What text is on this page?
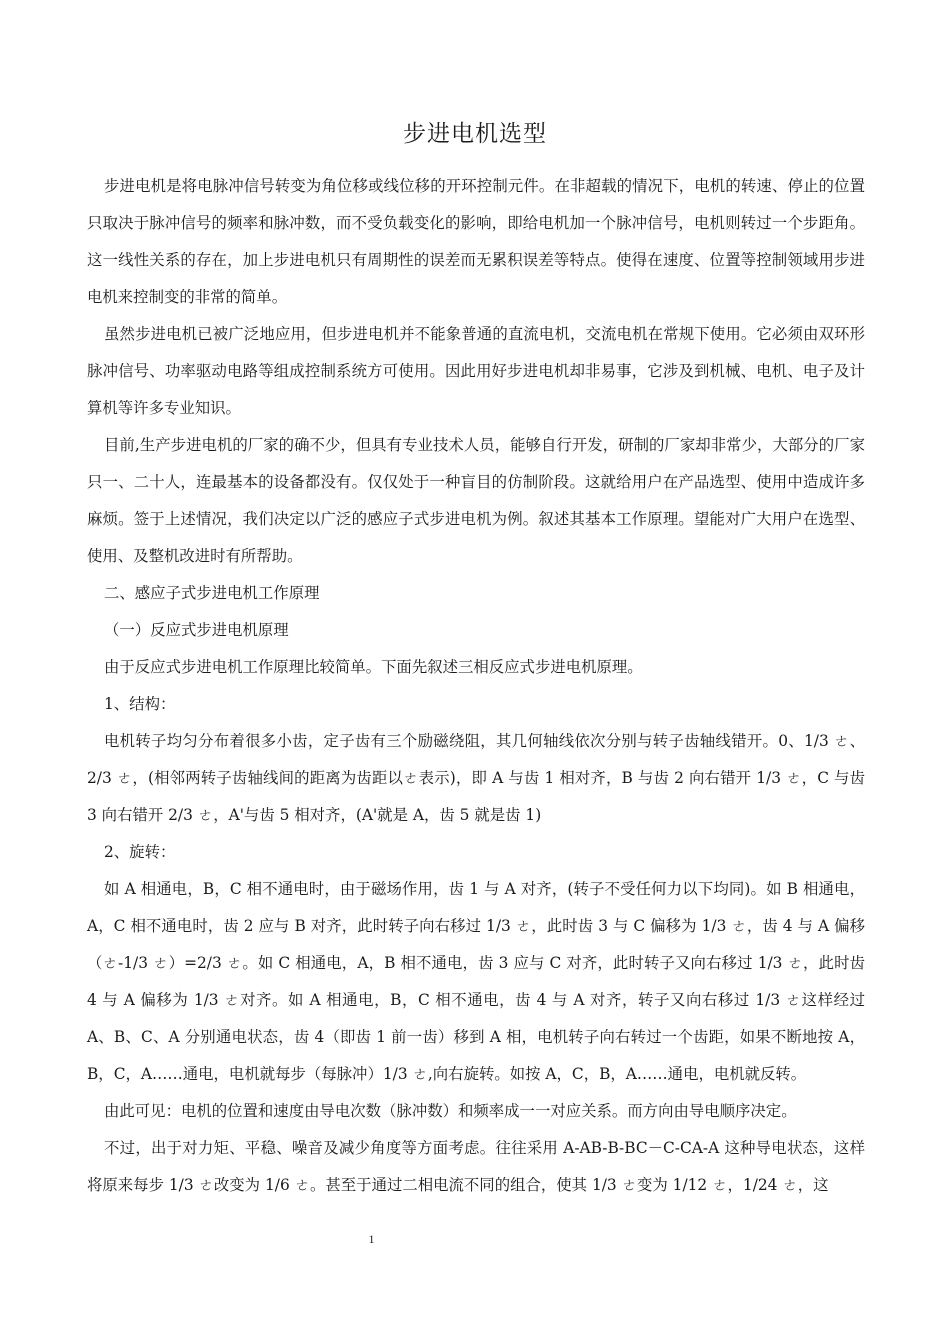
步进电机选型

步进电机是将电脉冲信号转变为角位移或线位移的开环控制元件。在非超载的情况下，电机的转速、停止的位置只取决于脉冲信号的频率和脉冲数，而不受负载变化的影响，即给电机加一个脉冲信号，电机则转过一个步距角。这一线性关系的存在，加上步进电机只有周期性的误差而无累积误差等特点。使得在速度、位置等控制领域用步进电机来控制变的非常的简单。

虽然步进电机已被广泛地应用，但步进电机并不能象普通的直流电机，交流电机在常规下使用。它必须由双环形脉冲信号、功率驱动电路等组成控制系统方可使用。因此用好步进电机却非易事，它涉及到机械、电机、电子及计算机等许多专业知识。

目前,生产步进电机的厂家的确不少，但具有专业技术人员，能够自行开发，研制的厂家却非常少，大部分的厂家只一、二十人，连最基本的设备都没有。仅仅处于一种盲目的仿制阶段。这就给用户在产品选型、使用中造成许多麻烦。签于上述情况，我们决定以广泛的感应子式步进电机为例。叙述其基本工作原理。望能对广大用户在选型、使用、及整机改进时有所帮助。

二、感应子式步进电机工作原理

（一）反应式步进电机原理

由于反应式步进电机工作原理比较简单。下面先叙述三相反应式步进电机原理。

1、结构：

电机转子均匀分布着很多小齿，定子齿有三个励磁绕阻，其几何轴线依次分别与转子齿轴线错开。0、1/3 ㄜ、2/3 ㄜ，(相邻两转子齿轴线间的距离为齿距以ㄜ表示)，即 A 与齿 1 相对齐，B 与齿 2 向右错开 1/3 ㄜ，C 与齿 3 向右错开 2/3 ㄜ，A'与齿 5 相对齐，(A'就是 A，齿 5 就是齿 1)

2、旋转：

如 A 相通电，B，C 相不通电时，由于磁场作用，齿 1 与 A 对齐，(转子不受任何力以下均同)。如 B 相通电，A，C 相不通电时，齿 2 应与 B 对齐，此时转子向右移过 1/3 ㄜ，此时齿 3 与 C 偏移为 1/3 ㄜ，齿 4 与 A 偏移（ㄜ-1/3 ㄜ）=2/3 ㄜ。如 C 相通电，A，B 相不通电，齿 3 应与 C 对齐，此时转子又向右移过 1/3 ㄜ，此时齿 4 与 A 偏移为 1/3 ㄜ对齐。如 A 相通电，B，C 相不通电，齿 4 与 A 对齐，转子又向右移过 1/3 ㄜ这样经过 A、B、C、A 分别通电状态，齿 4（即齿 1 前一齿）移到 A 相，电机转子向右转过一个齿距，如果不断地按 A，B，C，A……通电，电机就每步（每脉冲）1/3 ㄜ,向右旋转。如按 A，C，B，A……通电，电机就反转。

由此可见：电机的位置和速度由导电次数（脉冲数）和频率成一一对应关系。而方向由导电顺序决定。

不过，出于对力矩、平稳、噪音及减少角度等方面考虑。往往采用 A-AB-B-BC－C-CA-A 这种导电状态，这样将原来每步 1/3 ㄜ改变为 1/6 ㄜ。甚至于通过二相电流不同的组合，使其 1/3 ㄜ变为 1/12 ㄜ，1/24 ㄜ，这

1
